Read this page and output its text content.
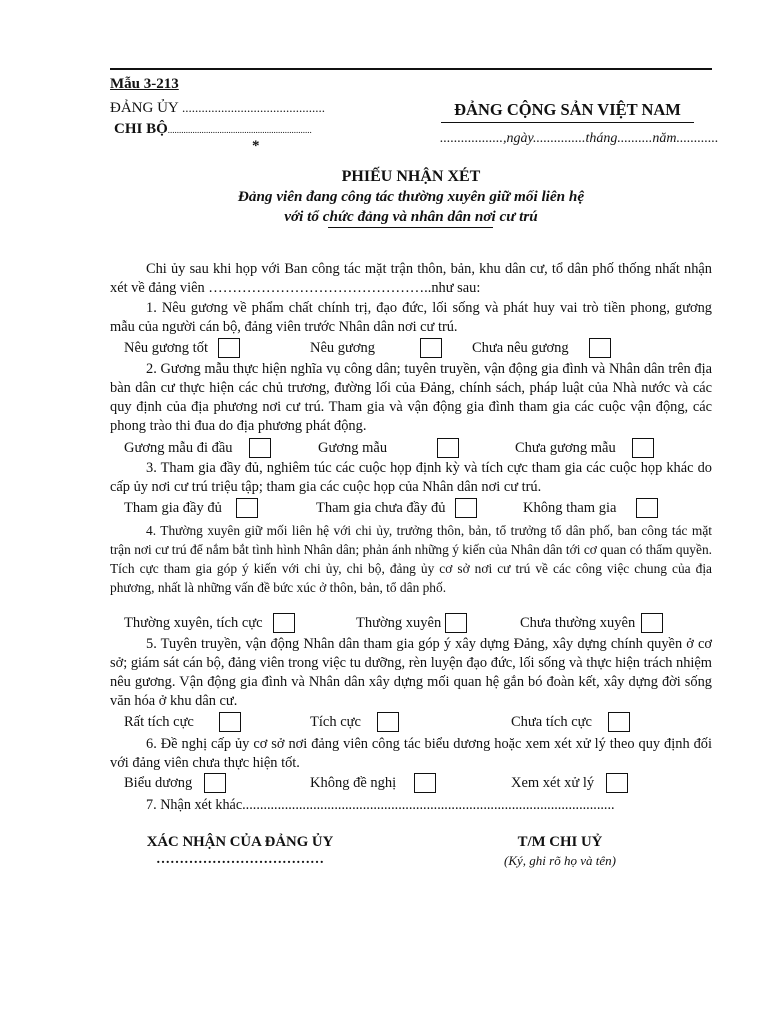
Mẫu 3-213
ĐẢNG ỦY ............................................
CHI BỘ................................................................
*
ĐẢNG CỘNG SẢN VIỆT NAM
..................,ngày...............tháng..........năm............
PHIẾU NHẬN XÉT
Đảng viên đang công tác thường xuyên giữ mối liên hệ
với tổ chức đảng và nhân dân nơi cư trú
Chi ủy sau khi họp với Ban công tác mặt trận thôn, bản, khu dân cư, tổ dân phố thống nhất nhận xét về đảng viên ………………………………………..như sau:
1. Nêu gương về phẩm chất chính trị, đạo đức, lối sống và phát huy vai trò tiền phong, gương mẫu của người cán bộ, đảng viên trước Nhân dân nơi cư trú.
Nêu gương tốt	Nêu gương	Chưa nêu gương
2. Gương mẫu thực hiện nghĩa vụ công dân; tuyên truyền, vận động gia đình và Nhân dân trên địa bàn dân cư thực hiện các chủ trương, đường lối của Đảng, chính sách, pháp luật của Nhà nước và các quy định của địa phương nơi cư trú. Tham gia và vận động gia đình tham gia các cuộc vận động, các phong trào thi đua do địa phương phát động.
Gương mẫu đi đầu	Gương mẫu	Chưa gương mẫu
3. Tham gia đầy đủ, nghiêm túc các cuộc họp định kỳ và tích cực tham gia các cuộc họp khác do cấp ủy nơi cư trú triệu tập; tham gia các cuộc họp của Nhân dân nơi cư trú.
Tham gia đầy đủ	Tham gia chưa đầy đủ	Không tham gia
4. Thường xuyên giữ mối liên hệ với chi ủy, trưởng thôn, bản, tổ trưởng tổ dân phố, ban công tác mặt trận nơi cư trú để nắm bắt tình hình Nhân dân; phản ánh những ý kiến của Nhân dân tới cơ quan có thẩm quyền. Tích cực tham gia góp ý kiến với chi ủy, chi bộ, đảng ủy cơ sở nơi cư trú về các công việc chung của địa phương, nhất là những vấn đề bức xúc ở thôn, bản, tổ dân phố.
Thường xuyên, tích cực	Thường xuyên	Chưa thường xuyên
5. Tuyên truyền, vận động Nhân dân tham gia góp ý xây dựng Đảng, xây dựng chính quyền ở cơ sở; giám sát cán bộ, đảng viên trong việc tu dưỡng, rèn luyện đạo đức, lối sống và thực hiện trách nhiệm nêu gương. Vận động gia đình và Nhân dân xây dựng mối quan hệ gắn bó đoàn kết, xây dựng đời sống văn hóa ở khu dân cư.
Rất tích cực	Tích cực	Chưa tích cực
6. Đề nghị cấp ủy cơ sở nơi đảng viên công tác biểu dương hoặc xem xét xử lý theo quy định đối với đảng viên chưa thực hiện tốt.
Biểu dương	Không đề nghị	Xem xét xử lý
7. Nhận xét khác.........................................................................................................
XÁC NHẬN CỦA ĐẢNG ỦY
………………………………
T/M CHI UỶ
(Ký, ghi rõ họ và tên)
